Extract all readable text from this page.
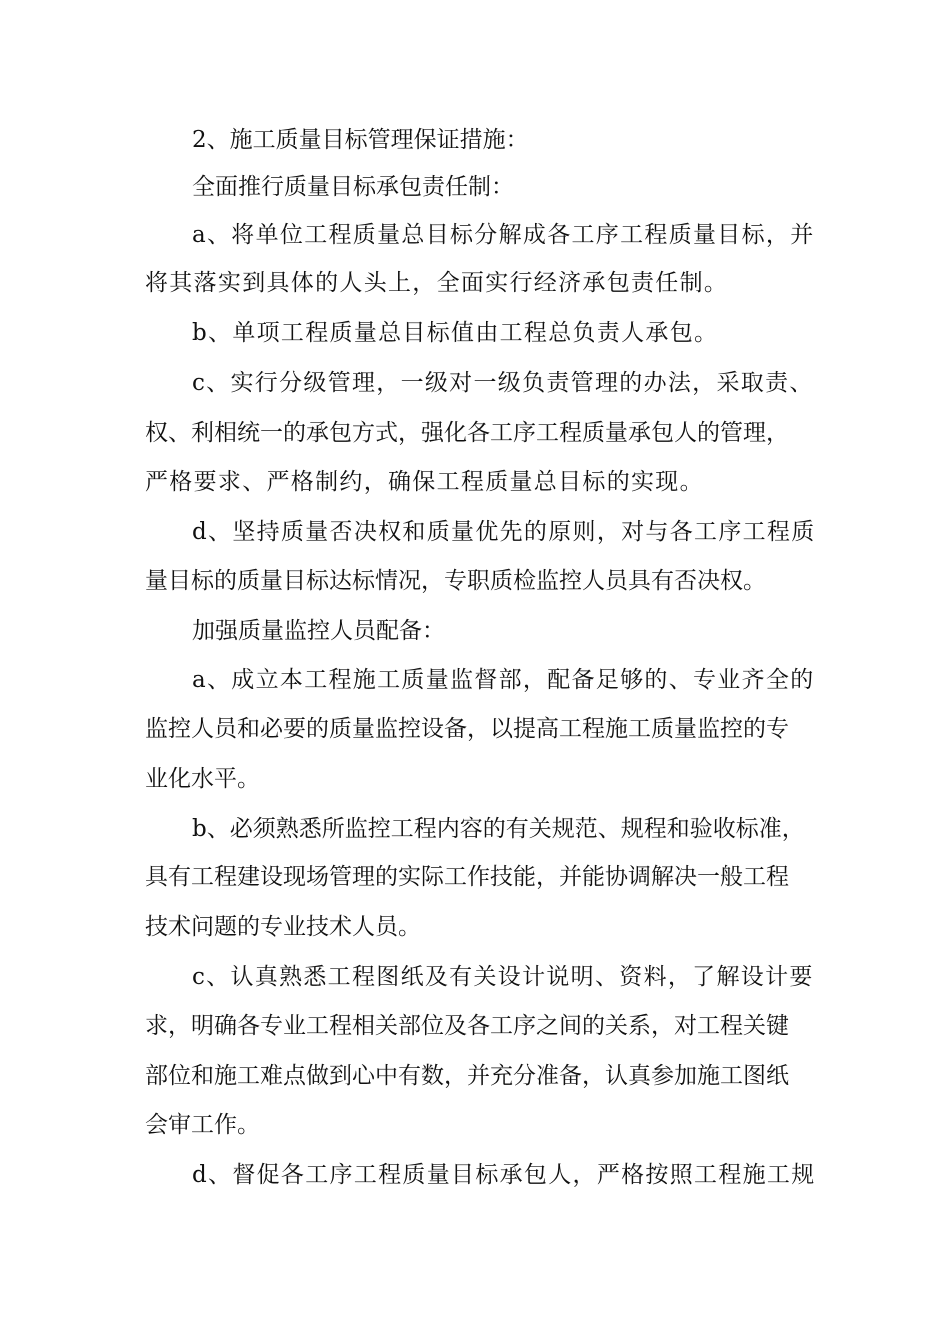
2、施工质量目标管理保证措施：
全面推行质量目标承包责任制：
a、将单位工程质量总目标分解成各工序工程质量目标，并
将其落实到具体的人头上，全面实行经济承包责任制。
b、单项工程质量总目标值由工程总负责人承包。
c、实行分级管理，一级对一级负责管理的办法，采取责、
权、利相统一的承包方式，强化各工序工程质量承包人的管理，
严格要求、严格制约，确保工程质量总目标的实现。
d、坚持质量否决权和质量优先的原则，对与各工序工程质
量目标的质量目标达标情况，专职质检监控人员具有否决权。
加强质量监控人员配备：
a、成立本工程施工质量监督部，配备足够的、专业齐全的
监控人员和必要的质量监控设备，以提高工程施工质量监控的专
业化水平。
b、必须熟悉所监控工程内容的有关规范、规程和验收标准，
具有工程建设现场管理的实际工作技能，并能协调解决一般工程
技术问题的专业技术人员。
c、认真熟悉工程图纸及有关设计说明、资料，了解设计要
求，明确各专业工程相关部位及各工序之间的关系，对工程关键
部位和施工难点做到心中有数，并充分准备，认真参加施工图纸
会审工作。
d、督促各工序工程质量目标承包人，严格按照工程施工规
